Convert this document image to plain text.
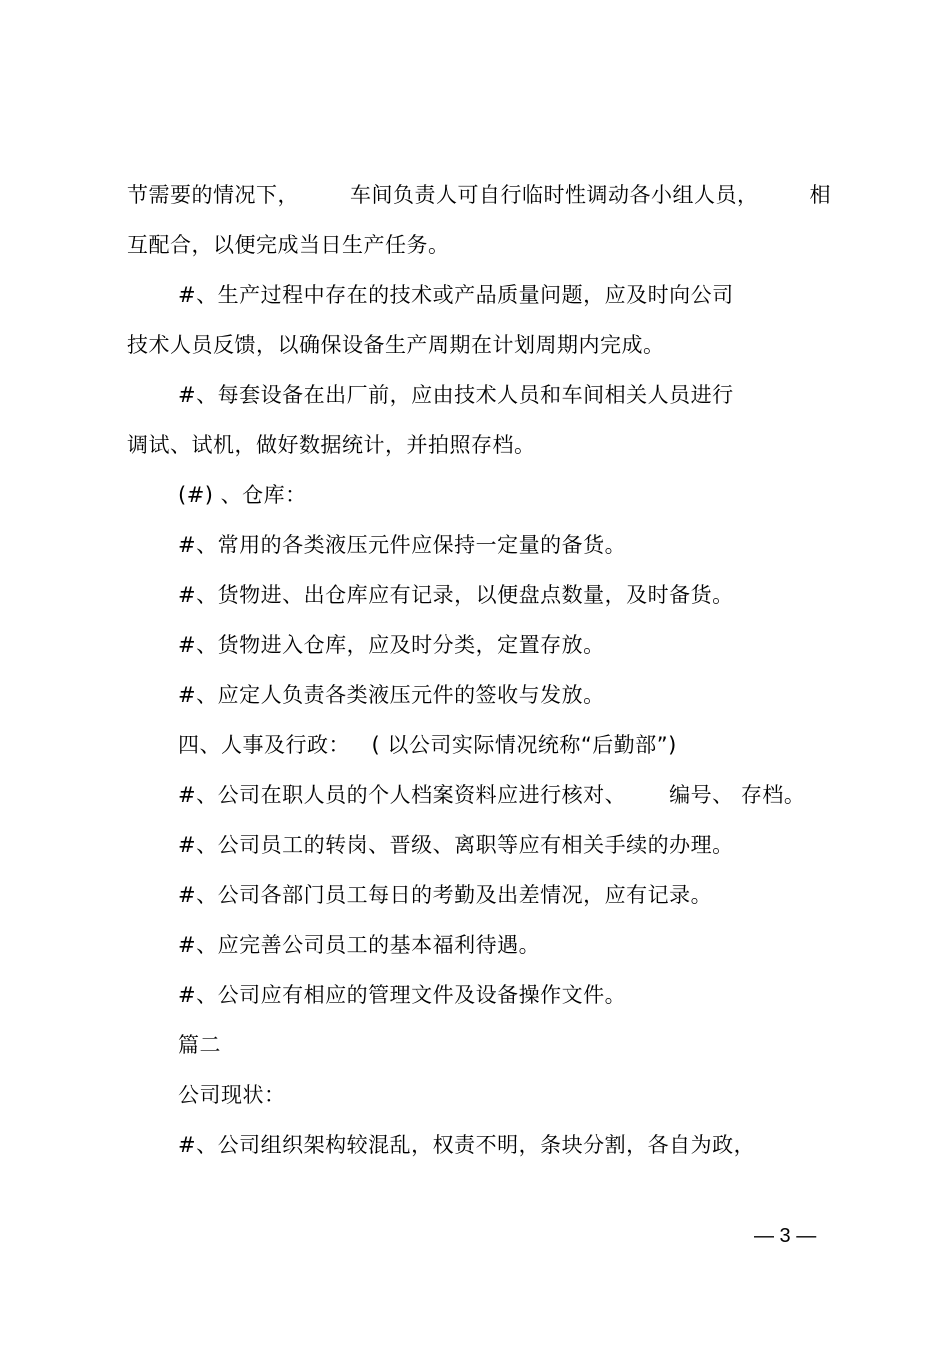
节需要的情况下， 车间负责人可自行临时性调动各小组人员， 相
互配合，以便完成当日生产任务。
#、生产过程中存在的技术或产品质量问题，应及时向公司
技术人员反馈，以确保设备生产周期在计划周期内完成。
#、每套设备在出厂前，应由技术人员和车间相关人员进行
调试、试机，做好数据统计，并拍照存档。
(#) 、仓库：
#、常用的各类液压元件应保持一定量的备货。
#、货物进、出仓库应有记录，以便盘点数量，及时备货。
#、货物进入仓库，应及时分类，定置存放。
#、应定人负责各类液压元件的签收与发放。
四、人事及行政：   ( 以公司实际情况统称“后勤部”)
#、公司在职人员的个人档案资料应进行核对、      编号、 存档。
#、公司员工的转岗、晋级、离职等应有相关手续的办理。
#、公司各部门员工每日的考勤及出差情况，应有记录。
#、应完善公司员工的基本福利待遇。
#、公司应有相应的管理文件及设备操作文件。
篇二
公司现状：
#、公司组织架构较混乱，权责不明，条块分割，各自为政，
— 3 —
